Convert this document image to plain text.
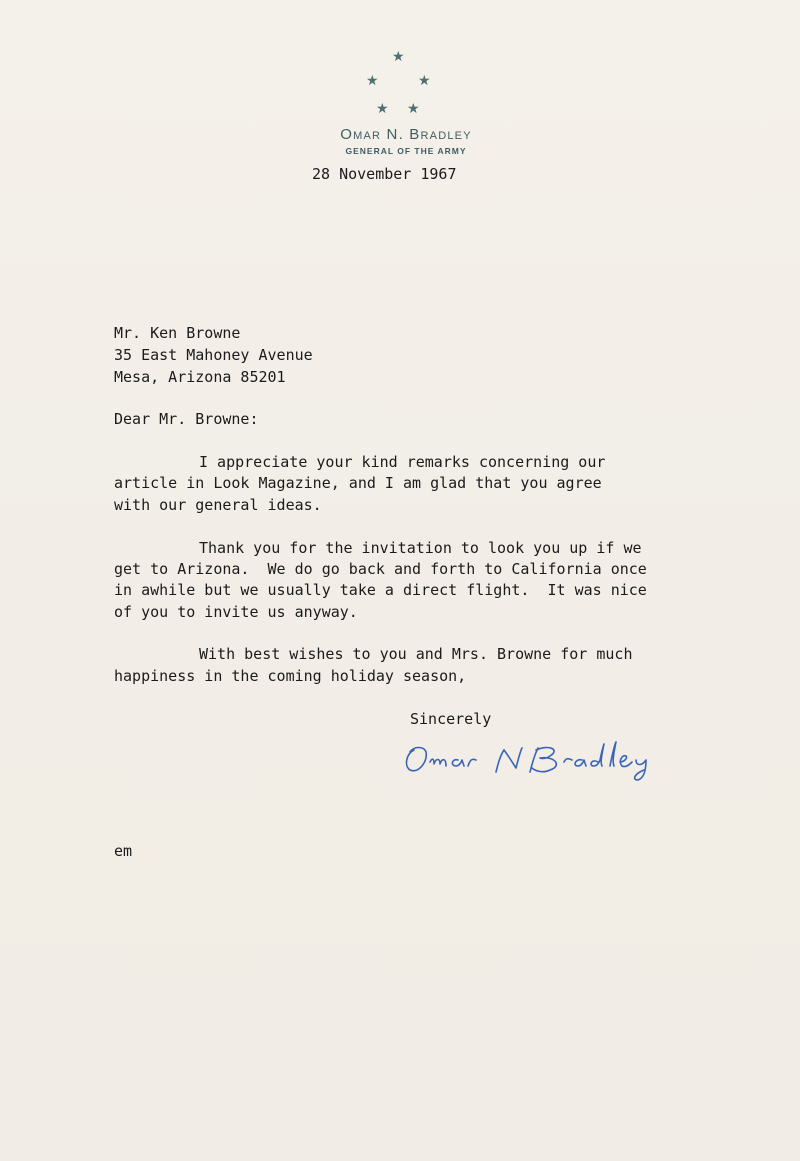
★
★	★
★ ★
Omar N. Bradley
GENERAL OF THE ARMY
28 November 1967
Mr. Ken Browne
35 East Mahoney Avenue
Mesa, Arizona 85201
Dear Mr. Browne:
I appreciate your kind remarks concerning our
article in Look Magazine, and I am glad that you agree
with our general ideas.
Thank you for the invitation to look you up if we
get to Arizona.  We do go back and forth to California once
in awhile but we usually take a direct flight.  It was nice
of you to invite us anyway.
With best wishes to you and Mrs. Browne for much
happiness in the coming holiday season,
Sincerely
em
